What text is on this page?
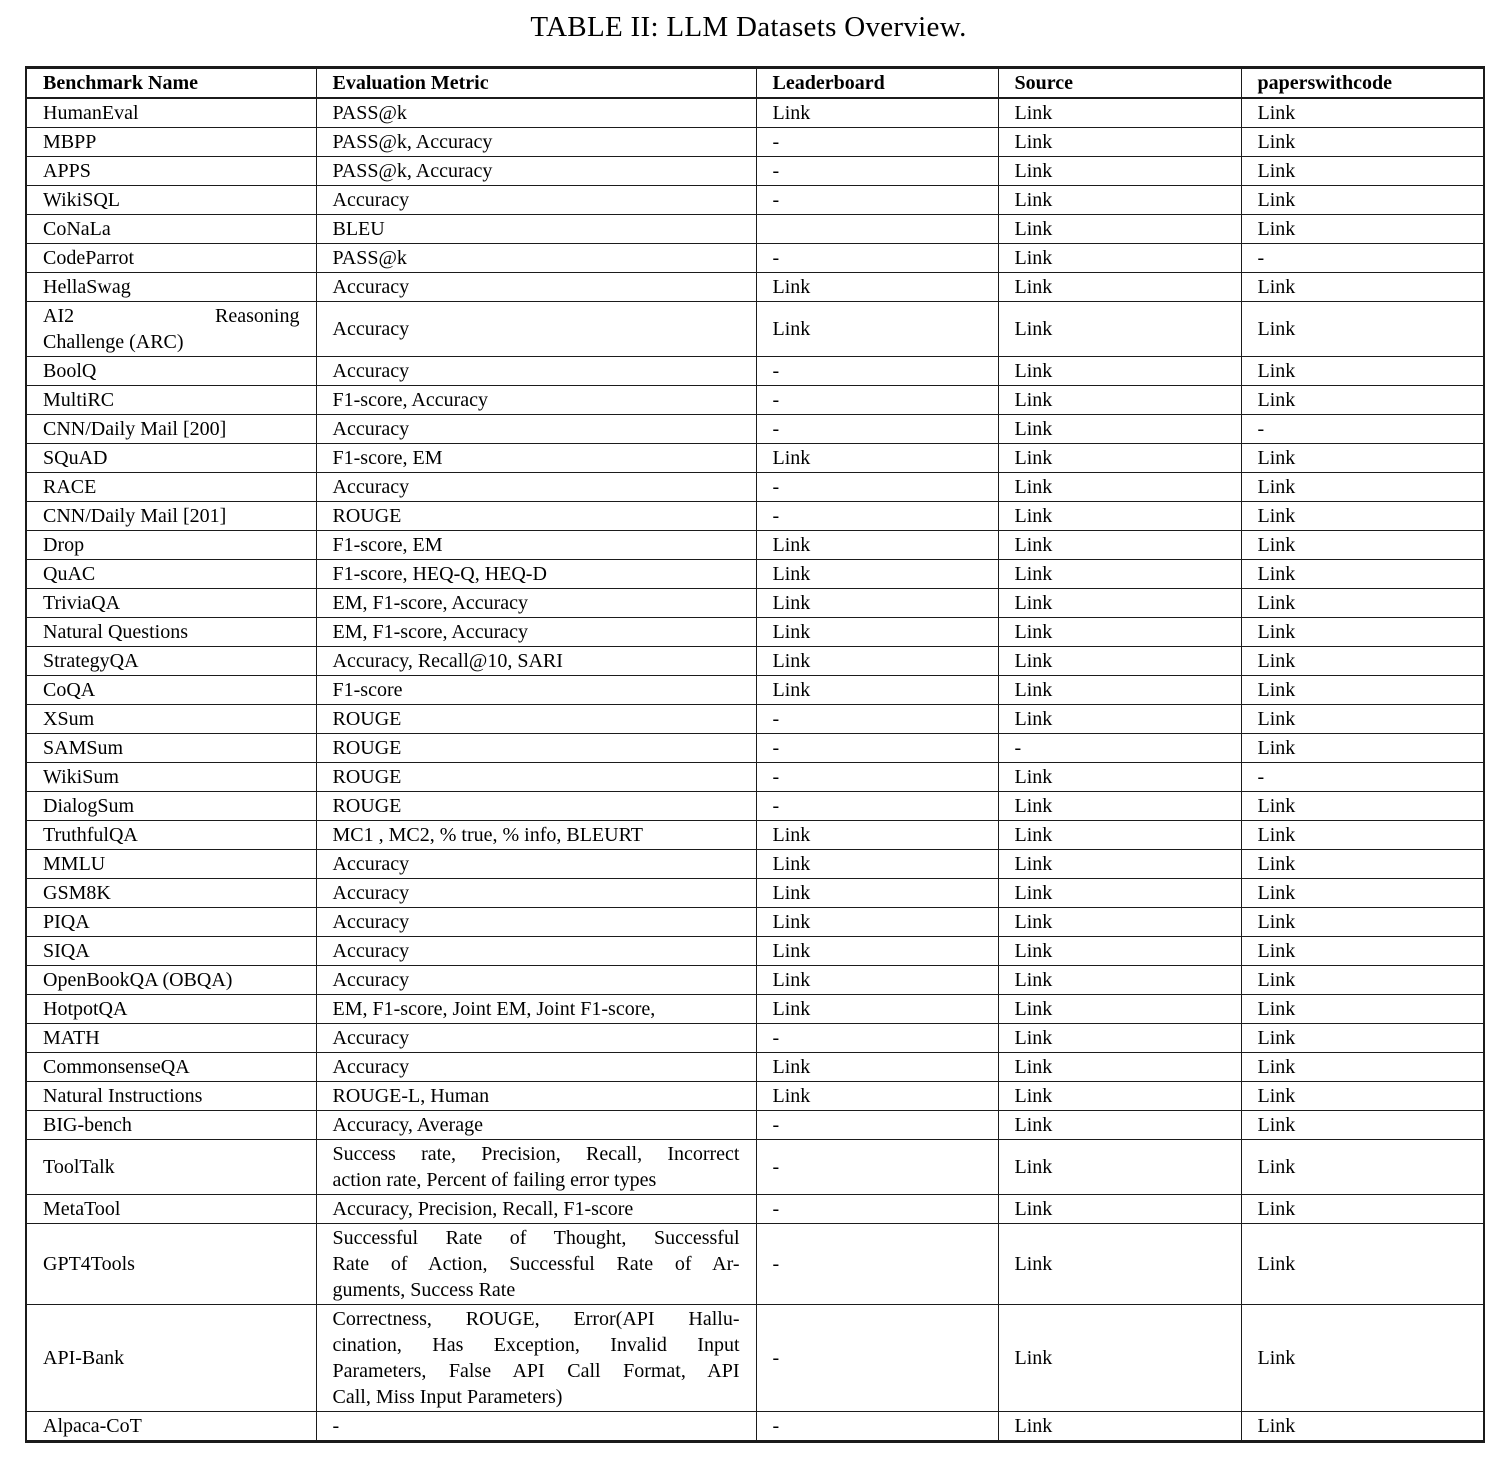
TABLE II: LLM Datasets Overview.
Benchmark Name	Evaluation Metric	Leaderboard	Source	paperswithcode
HumanEval	PASS@k	Link	Link	Link
MBPP	PASS@k, Accuracy	-	Link	Link
APPS	PASS@k, Accuracy	-	Link	Link
WikiSQL	Accuracy	-	Link	Link
CoNaLa	BLEU		Link	Link
CodeParrot	PASS@k	-	Link	-
HellaSwag	Accuracy	Link	Link	Link

AI2 Reasoning
Challenge (ARC)	Accuracy	Link	Link	Link
BoolQ	Accuracy	-	Link	Link
MultiRC	F1-score, Accuracy	-	Link	Link
CNN/Daily Mail [200]	Accuracy	-	Link	-
SQuAD	F1-score, EM	Link	Link	Link
RACE	Accuracy	-	Link	Link
CNN/Daily Mail [201]	ROUGE	-	Link	Link
Drop	F1-score, EM	Link	Link	Link
QuAC	F1-score, HEQ-Q, HEQ-D	Link	Link	Link
TriviaQA	EM, F1-score, Accuracy	Link	Link	Link
Natural Questions	EM, F1-score, Accuracy	Link	Link	Link
StrategyQA	Accuracy, Recall@10, SARI	Link	Link	Link
CoQA	F1-score	Link	Link	Link
XSum	ROUGE	-	Link	Link
SAMSum	ROUGE	-	-	Link
WikiSum	ROUGE	-	Link	-
DialogSum	ROUGE	-	Link	Link
TruthfulQA	MC1 , MC2, % true, % info, BLEURT	Link	Link	Link
MMLU	Accuracy	Link	Link	Link
GSM8K	Accuracy	Link	Link	Link
PIQA	Accuracy	Link	Link	Link
SIQA	Accuracy	Link	Link	Link
OpenBookQA (OBQA)	Accuracy	Link	Link	Link
HotpotQA	EM, F1-score, Joint EM, Joint F1-score,	Link	Link	Link
MATH	Accuracy	-	Link	Link
CommonsenseQA	Accuracy	Link	Link	Link
Natural Instructions	ROUGE-L, Human	Link	Link	Link
BIG-bench	Accuracy, Average	-	Link	Link
ToolTalk	Success rate, Precision, Recall, Incorrect
action rate, Percent of failing error types	-	Link	Link
MetaTool	Accuracy, Precision, Recall, F1-score	-	Link	Link
GPT4Tools	Successful Rate of Thought, Successful
Rate of Action, Successful Rate of Ar-
guments, Success Rate	-	Link	Link
API-Bank	Correctness, ROUGE, Error(API Hallu-
cination, Has Exception, Invalid Input
Parameters, False API Call Format, API
Call, Miss Input Parameters)	-	Link	Link
Alpaca-CoT	-	-	Link	Link
